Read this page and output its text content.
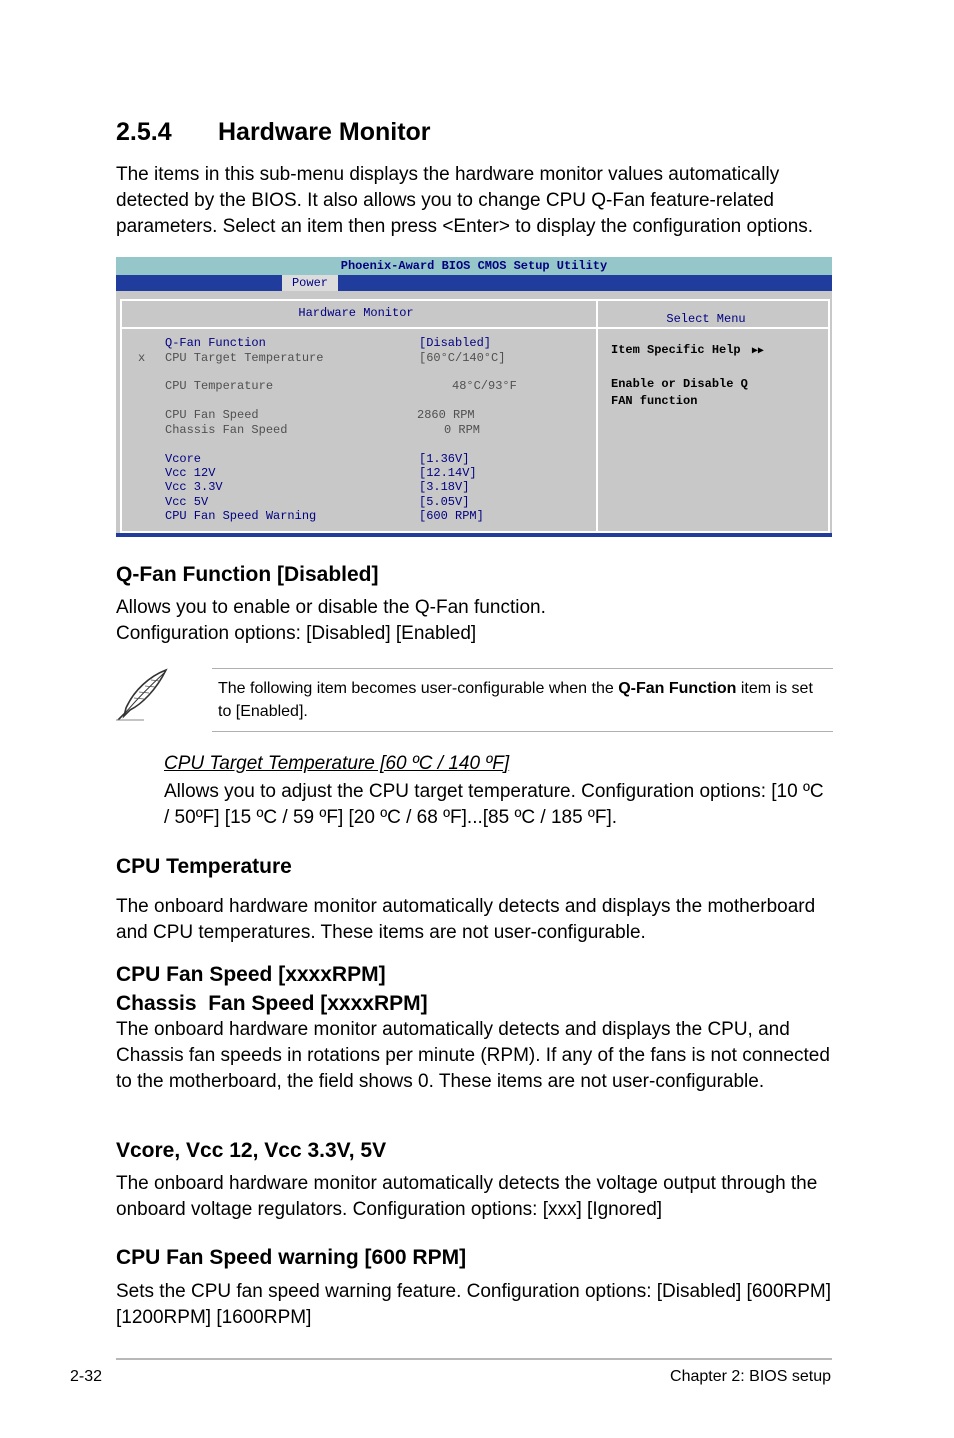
2.5.4 Hardware Monitor
The items in this sub-menu displays the hardware monitor values automatically detected by the BIOS. It also allows you to change CPU Q-Fan feature-related parameters. Select an item then press <Enter> to display the configuration options.
Phoenix-Award BIOS CMOS Setup Utility
Power
Hardware Monitor	Select Menu
Q-Fan Function	[Disabled]
x CPU Target Temperature	[60°C/140°C]
CPU Temperature	48°C/93°F
CPU Fan Speed	2860 RPM
Chassis Fan Speed	0 RPM
Vcore	[1.36V]
Vcc 12V	[12.14V]
Vcc 3.3V	[3.18V]
Vcc 5V	[5.05V]
CPU Fan Speed Warning	[600 RPM]
Item Specific Help ▶▶
Enable or Disable Q
FAN function
Q-Fan Function [Disabled]

Allows you to enable or disable the Q-Fan function.

Configuration options: [Disabled] [Enabled]

The following item becomes user-configurable when the Q-Fan Function item is set to [Enabled].
CPU Target Temperature [60 ºC / 140 ºF]
Allows you to adjust the CPU target temperature. Configuration options: [10 ºC / 50ºF] [15 ºC / 59 ºF] [20 ºC / 68 ºF]...[85 ºC / 185 ºF].
CPU Temperature
The onboard hardware monitor automatically detects and displays the motherboard and CPU temperatures. These items are not user-configurable.
CPU Fan Speed [xxxxRPM]
Chassis  Fan Speed [xxxxRPM]
The onboard hardware monitor automatically detects and displays the CPU, and Chassis fan speeds in rotations per minute (RPM). If any of the fans is not connected to the motherboard, the field shows 0. These items are not user-configurable.
Vcore, Vcc 12, Vcc 3.3V, 5V
The onboard hardware monitor automatically detects the voltage output through the onboard voltage regulators. Configuration options: [xxx] [Ignored]
CPU Fan Speed warning [600 RPM]
Sets the CPU fan speed warning feature. Configuration options: [Disabled] [600RPM] [1200RPM] [1600RPM]
2-32	Chapter 2: BIOS setup
